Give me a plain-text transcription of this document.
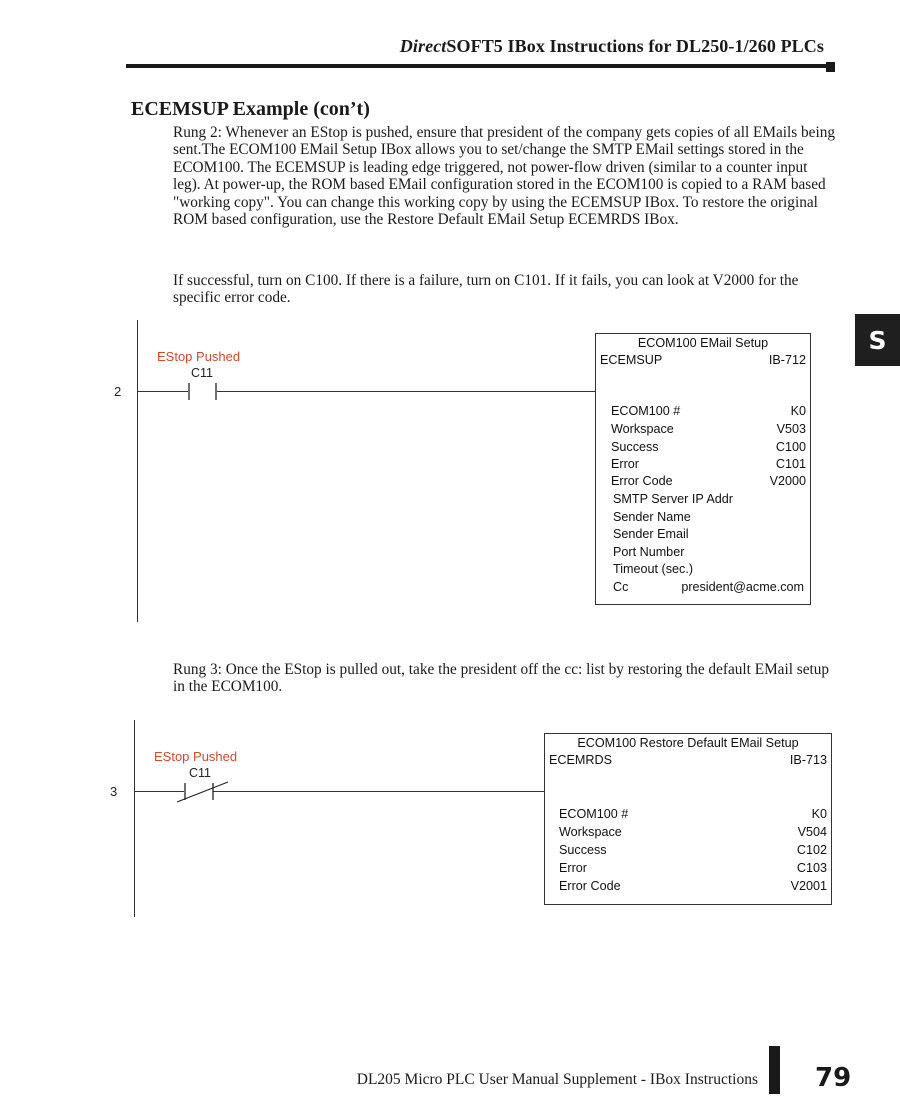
DirectSOFT5 IBox Instructions for DL250-1/260 PLCs
S
ECEMSUP Example (con’t)

Rung 2: Whenever an EStop is pushed, ensure that president of the company gets copies of all EMails being sent.The ECOM100 EMail Setup IBox allows you to set/change the SMTP EMail settings stored in the ECOM100. The ECEMSUP is leading edge triggered, not power-flow driven (similar to a counter input leg). At power-up, the ROM based EMail configuration stored in the ECOM100 is copied to a RAM based "working copy". You can change this working copy by using the ECEMSUP IBox. To restore the original ROM based configuration, use the Restore Default EMail Setup ECEMRDS IBox.

If successful, turn on C100. If there is a failure, turn on C101. If it fails, you can look at V2000 for the specific error code.

2
EStop Pushed
C11
ECOM100 EMail Setup
ECEMSUP	IB-712
ECOM100 #	K0
Workspace	V503
Success	C100
Error	C101
Error Code	V2000
SMTP Server IP Addr
Sender Name
Sender Email
Port Number
Timeout (sec.)
Cc	president@acme.com

Rung 3: Once the EStop is pulled out, take the president off the cc: list by restoring the default EMail setup in the ECOM100.

3
EStop Pushed
C11
ECOM100 Restore Default EMail Setup
ECEMRDS	IB-713
ECOM100 #	K0
Workspace	V504
Success	C102
Error	C103
Error Code	V2001
DL205 Micro PLC User Manual Supplement - IBox Instructions 79
